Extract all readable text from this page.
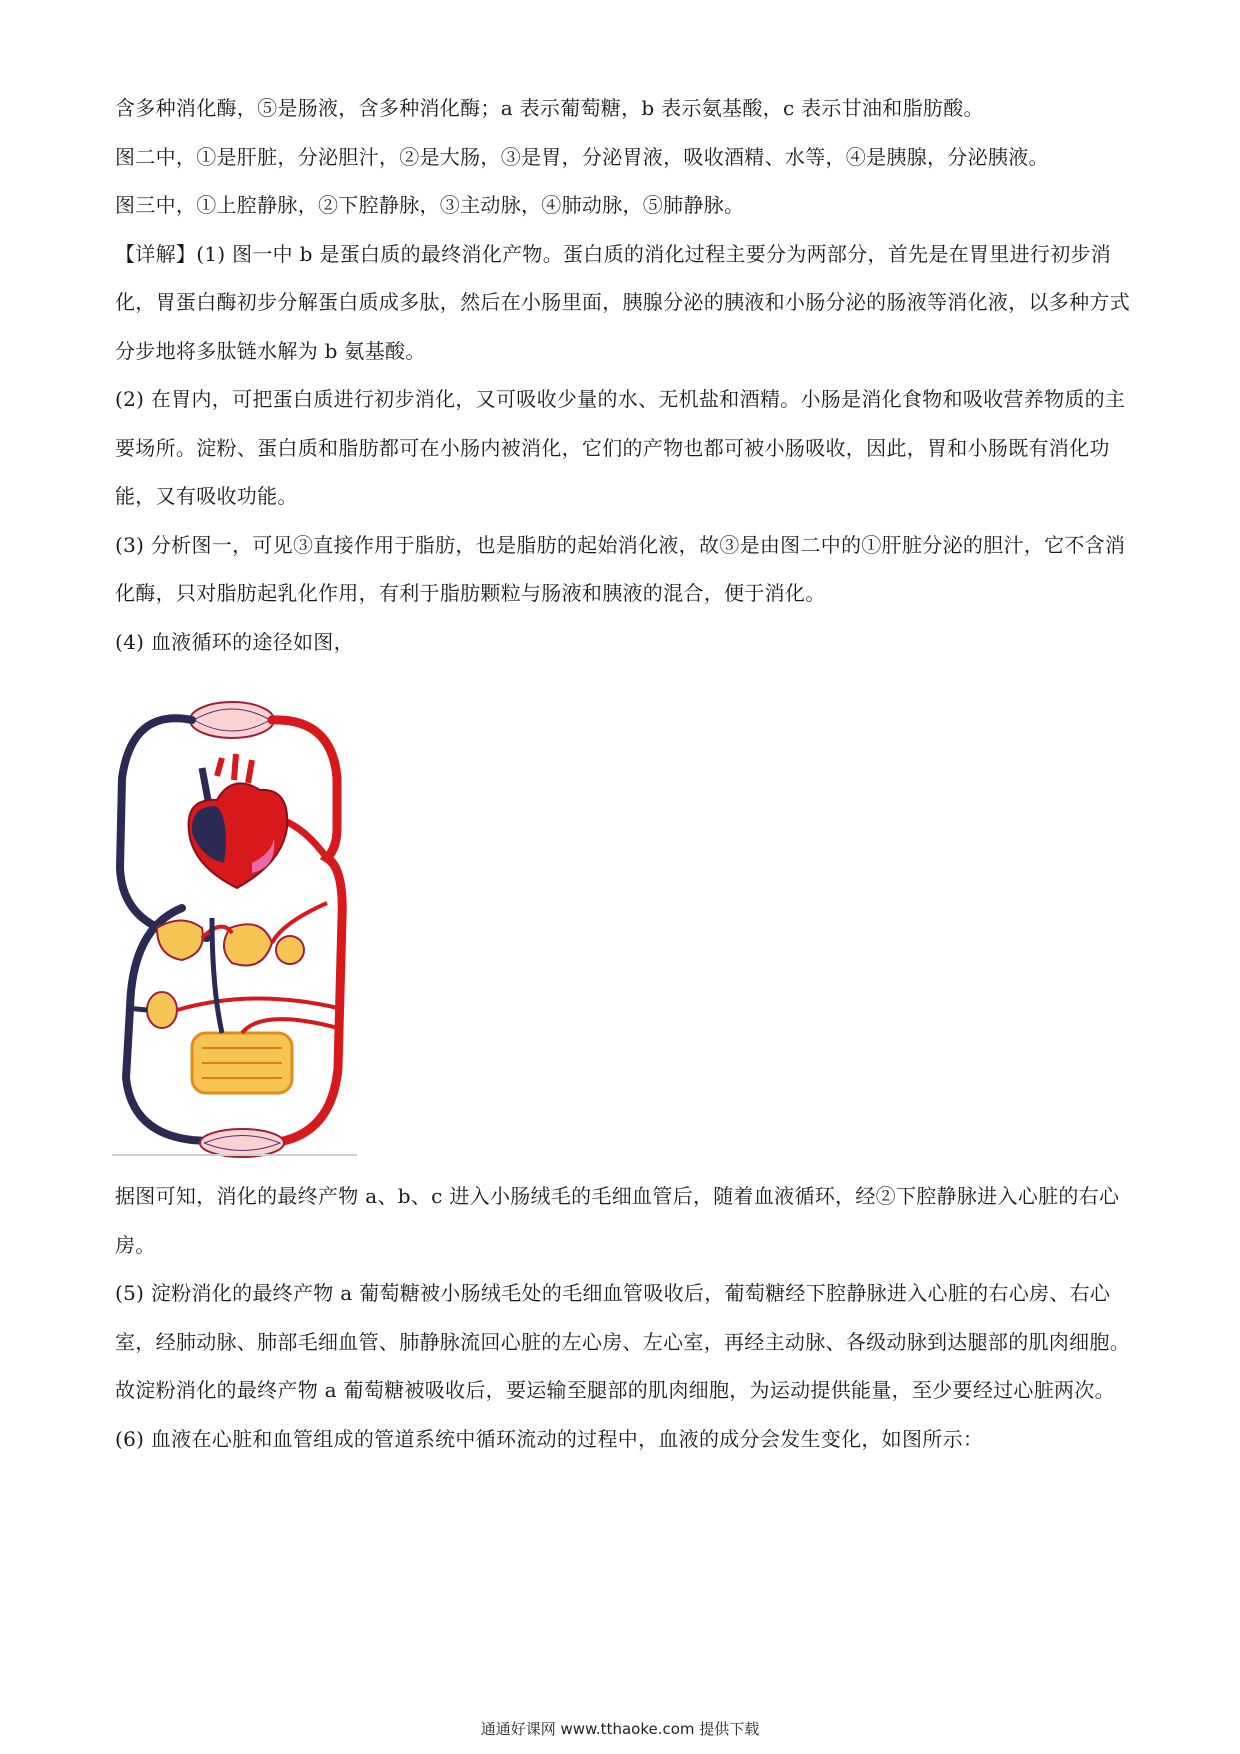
含多种消化酶，⑤是肠液，含多种消化酶；a 表示葡萄糖，b 表示氨基酸，c 表示甘油和脂肪酸。

图二中，①是肝脏，分泌胆汁，②是大肠，③是胃，分泌胃液，吸收酒精、水等，④是胰腺，分泌胰液。

图三中，①上腔静脉，②下腔静脉，③主动脉，④肺动脉，⑤肺静脉。

【详解】(1) 图一中 b 是蛋白质的最终消化产物。蛋白质的消化过程主要分为两部分，首先是在胃里进行初步消化，胃蛋白酶初步分解蛋白质成多肽，然后在小肠里面，胰腺分泌的胰液和小肠分泌的肠液等消化液，以多种方式分步地将多肽链水解为 b 氨基酸。

(2) 在胃内，可把蛋白质进行初步消化，又可吸收少量的水、无机盐和酒精。小肠是消化食物和吸收营养物质的主要场所。淀粉、蛋白质和脂肪都可在小肠内被消化，它们的产物也都可被小肠吸收，因此，胃和小肠既有消化功能，又有吸收功能。

(3) 分析图一，可见③直接作用于脂肪，也是脂肪的起始消化液，故③是由图二中的①肝脏分泌的胆汁，它不含消化酶，只对脂肪起乳化作用，有利于脂肪颗粒与肠液和胰液的混合，便于消化。

(4) 血液循环的途径如图，

据图可知，消化的最终产物 a、b、c 进入小肠绒毛的毛细血管后，随着血液循环，经②下腔静脉进入心脏的右心房。

(5) 淀粉消化的最终产物 a 葡萄糖被小肠绒毛处的毛细血管吸收后，葡萄糖经下腔静脉进入心脏的右心房、右心室，经肺动脉、肺部毛细血管、肺静脉流回心脏的左心房、左心室，再经主动脉、各级动脉到达腿部的肌肉细胞。故淀粉消化的最终产物 a 葡萄糖被吸收后，要运输至腿部的肌肉细胞，为运动提供能量，至少要经过心脏两次。

(6) 血液在心脏和血管组成的管道系统中循环流动的过程中，血液的成分会发生变化，如图所示：

通通好课网 www.tthaoke.com 提供下载
